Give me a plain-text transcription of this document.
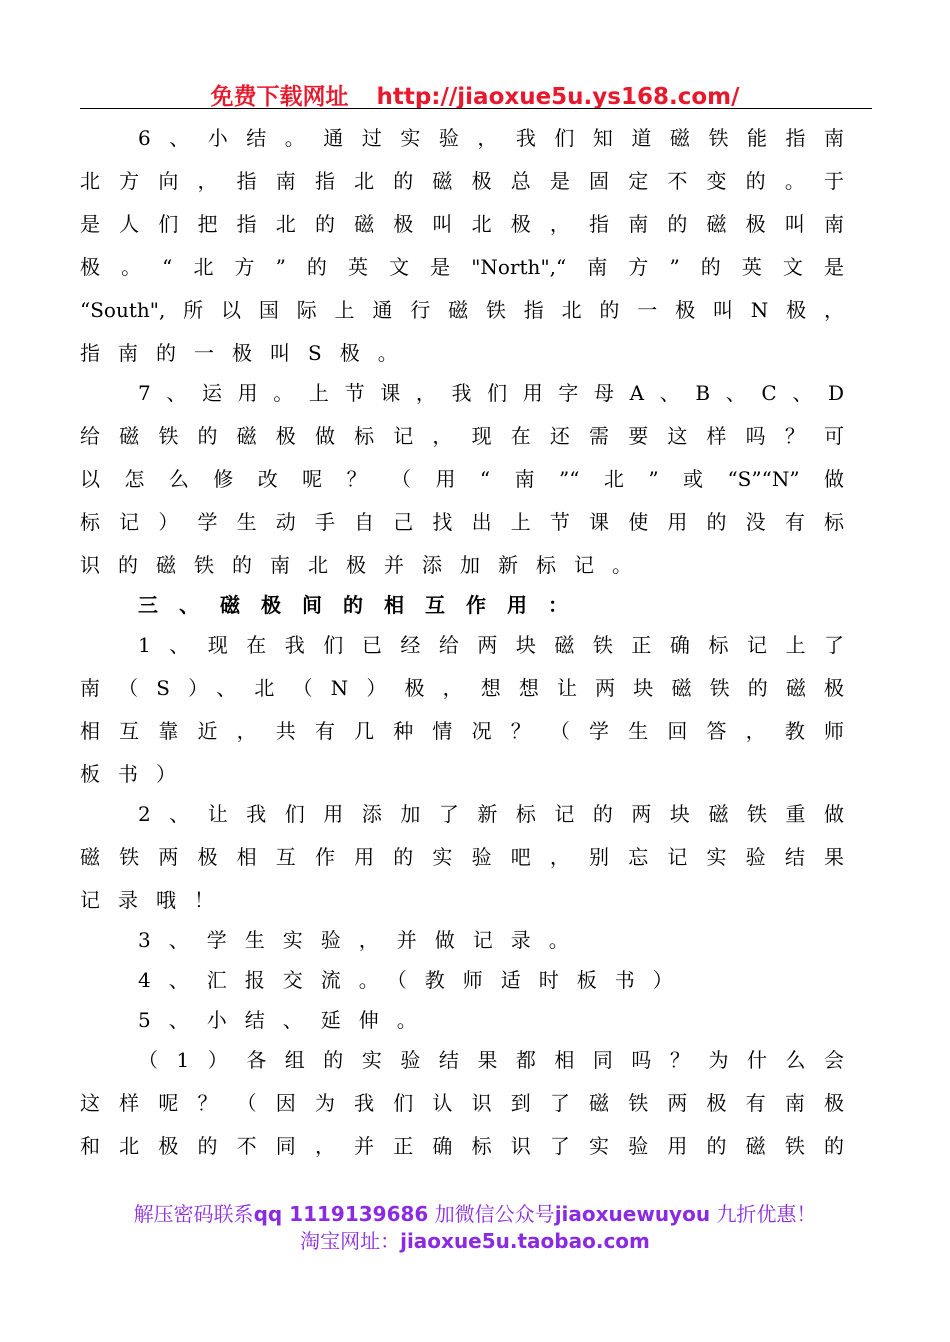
免费下载网址 http://jiaoxue5u.ys168.com/
6、小结。通过实验，我们知道磁铁能指南
北方向，指南指北的磁极总是固定不变的。于
是人们把指北的磁极叫北极，指南的磁极叫南
极。“北方”的英文是"North",“南方”的英文是
“South",所以国际上通行磁铁指北的一极叫N极，
指南的一极叫S极。
7、运用。上节课，我们用字母A、B、C、D
给磁铁的磁极做标记，现在还需要这样吗？可
以怎么修改呢？（用“南”“北”或“S”“N”做
标记）学生动手自己找出上节课使用的没有标
识的磁铁的南北极并添加新标记。
三、磁极间的相互作用：
1、现在我们已经给两块磁铁正确标记上了
南（S）、北（N）极，想想让两块磁铁的磁极
相互靠近，共有几种情况？（学生回答，教师
板书）
2、让我们用添加了新标记的两块磁铁重做
磁铁两极相互作用的实验吧，别忘记实验结果
记录哦！
3、学生实验，并做记录。
4、汇报交流。（教师适时板书）
5、小结、延伸。
（1）各组的实验结果都相同吗？为什么会
这样呢？（因为我们认识到了磁铁两极有南极
和北极的不同，并正确标识了实验用的磁铁的
解压密码联系qq 1119139686 加微信公众号jiaoxuewuyou 九折优惠！
淘宝网址：jiaoxue5u.taobao.com
